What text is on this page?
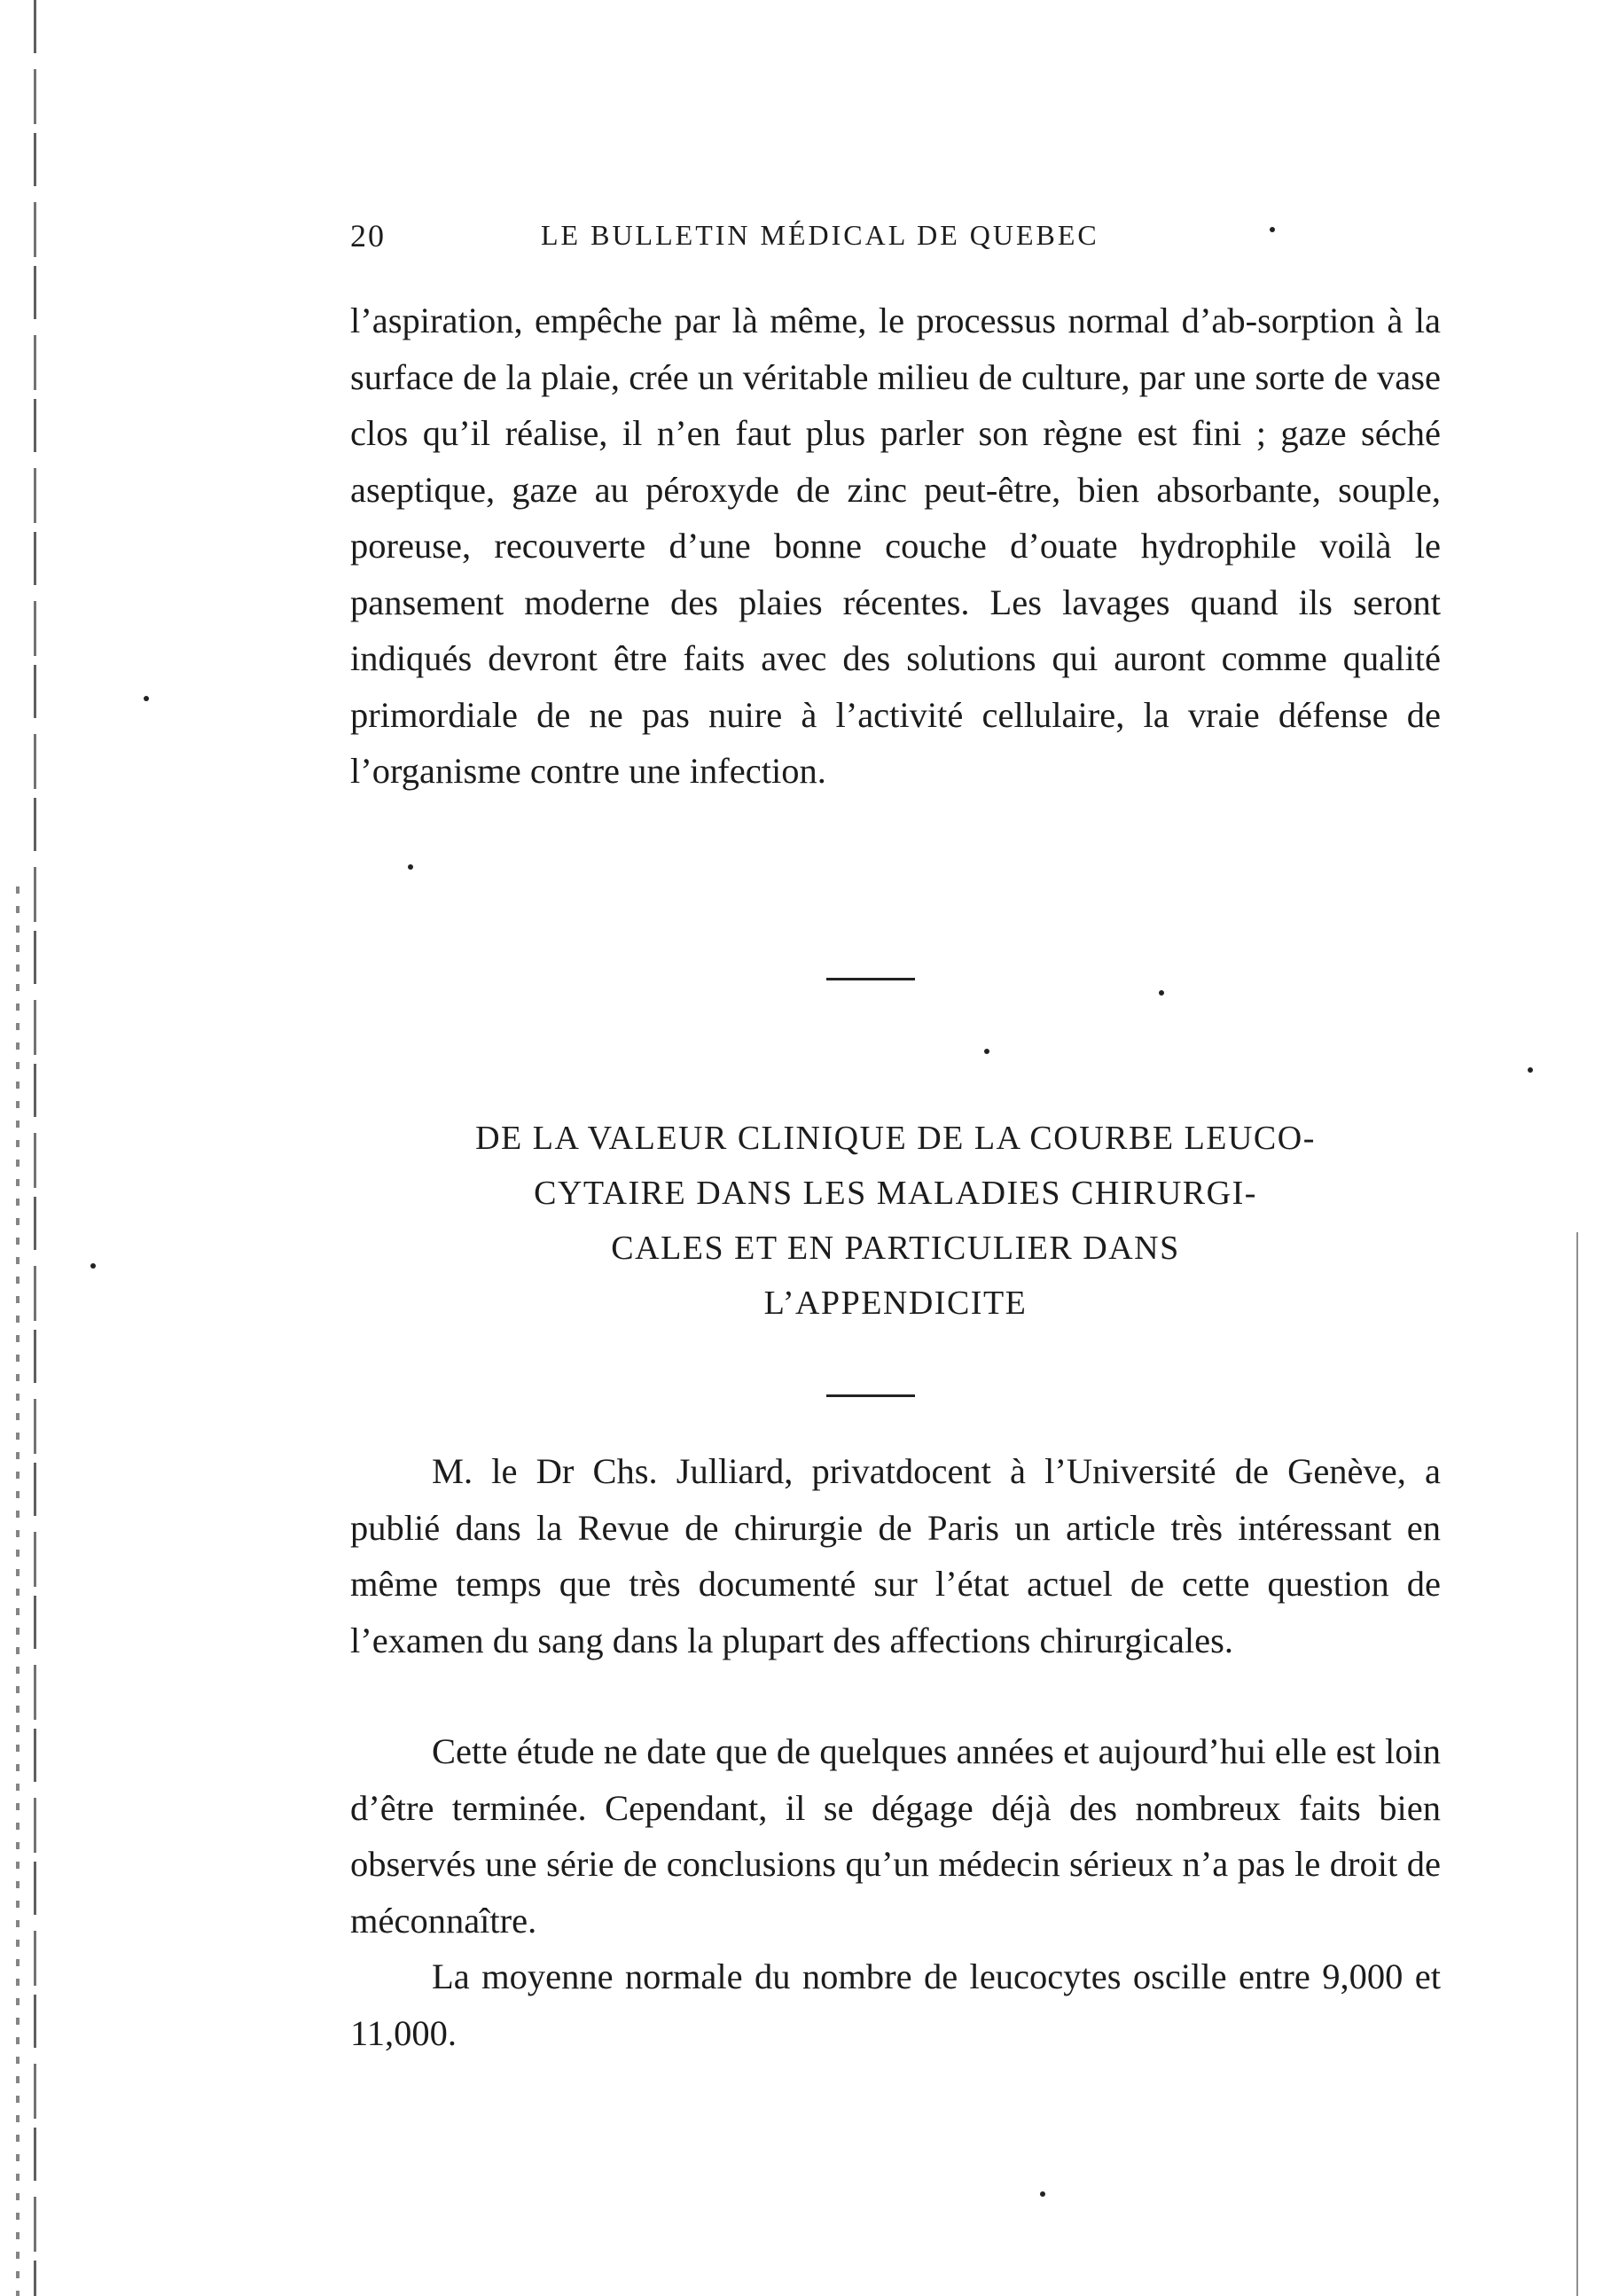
20	LE BULLETIN MÉDICAL DE QUEBEC

l’aspiration, empêche par là même, le processus normal d’ab-sorption à la surface de la plaie, crée un véritable milieu de culture, par une sorte de vase clos qu’il réalise, il n’en faut plus parler son règne est fini ; gaze séché aseptique, gaze au péroxyde de zinc peut-être, bien absorbante, souple, poreuse, recouverte d’une bonne couche d’ouate hydrophile voilà le pansement moderne des plaies récentes. Les lavages quand ils seront indiqués devront être faits avec des solutions qui auront comme qualité primordiale de ne pas nuire à l’activité cellulaire, la vraie défense de l’organisme contre une infection.

DE LA VALEUR CLINIQUE DE LA COURBE LEUCO-
CYTAIRE DANS LES MALADIES CHIRURGI-
CALES ET EN PARTICULIER DANS
L’APPENDICITE

M. le Dr Chs. Julliard, privatdocent à l’Université de Genève, a publié dans la Revue de chirurgie de Paris un article très intéressant en même temps que très documenté sur l’état actuel de cette question de l’examen du sang dans la plupart des affections chirurgicales.

Cette étude ne date que de quelques années et aujourd’hui elle est loin d’être terminée. Cependant, il se dégage déjà des nombreux faits bien observés une série de conclusions qu’un médecin sérieux n’a pas le droit de méconnaître.

La moyenne normale du nombre de leucocytes oscille entre 9,000 et 11,000.
